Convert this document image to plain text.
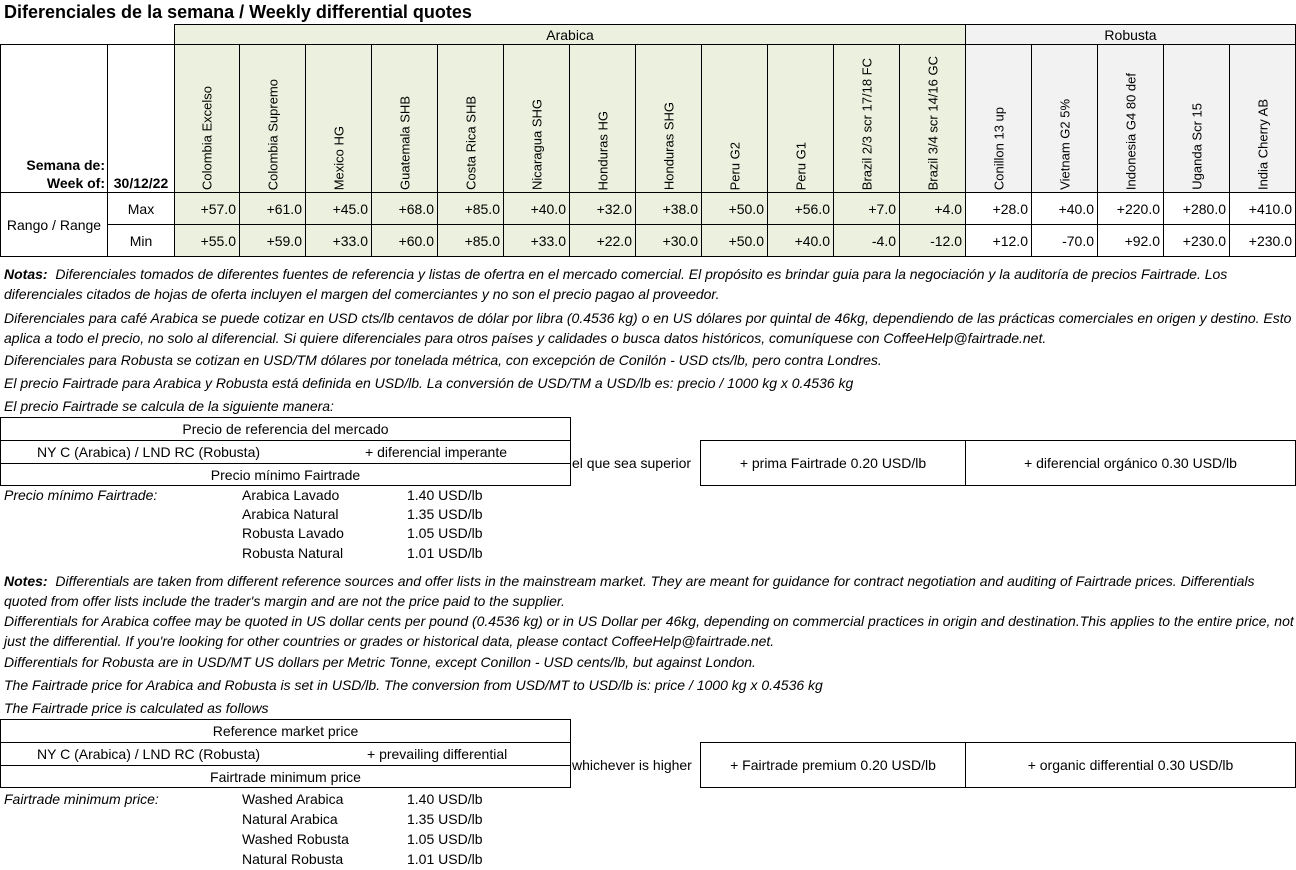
Diferenciales de la semana / Weekly differential quotes
		Arabica												Robusta				

Semana de:
Week of:	30/12/22	Colombia Excelso	Colombia Supremo	Mexico HG	Guatemala SHB	Costa Rica SHB	Nicaragua SHG	Honduras HG	Honduras SHG	Peru G2	Peru G1	Brazil 2/3 scr 17/18 FC	Brazil 3/4 scr 14/16 GC	Conillon 13 up	Vietnam G2 5%	Indonesia G4 80 def	Uganda Scr 15	India Cherry AB

Rango / Range	Max	+57.0	+61.0	+45.0	+68.0	+85.0	+40.0	+32.0	+38.0	+50.0	+56.0	+7.0	+4.0	+28.0	+40.0	+220.0	+280.0	+410.0
	Min	+55.0	+59.0	+33.0	+60.0	+85.0	+33.0	+22.0	+30.0	+50.0	+40.0	-4.0	-12.0	+12.0	-70.0	+92.0	+230.0	+230.0
Notas: Diferenciales tomados de diferentes fuentes de referencia y listas de ofertra en el mercado comercial. El propósito es brindar guia para la negociación y la auditoría de precios Fairtrade. Los diferenciales citados de hojas de oferta incluyen el margen del comerciantes y no son el precio pagao al proveedor.
Diferenciales para café Arabica se puede cotizar en USD cts/lb centavos de dólar por libra (0.4536 kg) o en US dólares por quintal de 46kg, dependiendo de las prácticas comerciales en origen y destino. Esto aplica a todo el precio, no solo al diferencial. Si quiere diferenciales para otros países y calidades o busca datos históricos, comuníquese con CoffeeHelp@fairtrade.net.
Diferenciales para Robusta se cotizan en USD/TM dólares por tonelada métrica, con excepción de Conilón - USD cts/lb, pero contra Londres.
El precio Fairtrade para Arabica y Robusta está definida en USD/lb. La conversión de USD/TM a USD/lb es: precio / 1000 kg x 0.4536 kg
El precio Fairtrade se calcula de la siguiente manera:
Precio de referencia del mercado
NY C (Arabica) / LND RC (Robusta)	+ diferencial imperante
Precio mínimo Fairtrade
el que sea superior	+ prima Fairtrade 0.20 USD/lb	+ diferencial orgánico 0.30 USD/lb
Precio mínimo Fairtrade:	Arabica Lavado	1.40 USD/lb
Arabica Natural	1.35 USD/lb
Robusta Lavado	1.05 USD/lb
Robusta Natural	1.01 USD/lb
Notes: Differentials are taken from different reference sources and offer lists in the mainstream market. They are meant for guidance for contract negotiation and auditing of Fairtrade prices. Differentials quoted from offer lists include the trader's margin and are not the price paid to the supplier.
Differentials for Arabica coffee may be quoted in US dollar cents per pound (0.4536 kg) or in US Dollar per 46kg, depending on commercial practices in origin and destination.This applies to the entire price, not just the differential. If you're looking for other countries or grades or historical data, please contact CoffeeHelp@fairtrade.net.
Differentials for Robusta are in USD/MT US dollars per Metric Tonne, except Conillon - USD cents/lb, but against London.
The Fairtrade price for Arabica and Robusta is set in USD/lb. The conversion from USD/MT to USD/lb is: price / 1000 kg x 0.4536 kg
The Fairtrade price is calculated as follows
Reference market price
NY C (Arabica) / LND RC (Robusta)	+ prevailing differential
Fairtrade minimum price
whichever is higher	+ Fairtrade premium 0.20 USD/lb	+ organic differential 0.30 USD/lb
Fairtrade minimum price:	Washed Arabica	1.40 USD/lb
Natural Arabica	1.35 USD/lb
Washed Robusta	1.05 USD/lb
Natural Robusta	1.01 USD/lb
